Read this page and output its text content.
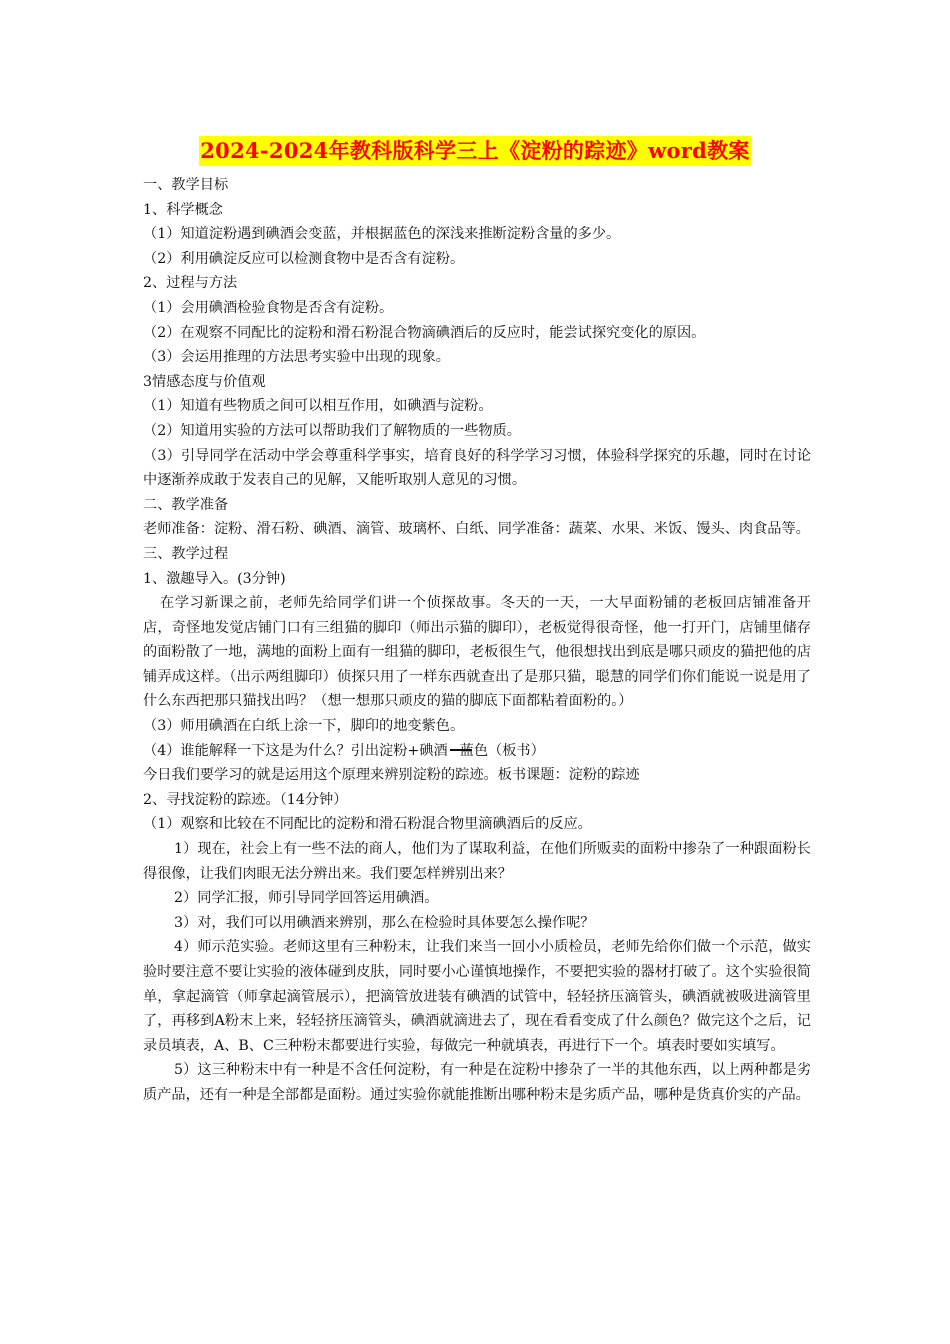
2024-2024年教科版科学三上《淀粉的踪迹》word教案
一、教学目标
1、科学概念
（1）知道淀粉遇到碘酒会变蓝，并根据蓝色的深浅来推断淀粉含量的多少。
（2）利用碘淀反应可以检测食物中是否含有淀粉。
2、过程与方法
（1）会用碘酒检验食物是否含有淀粉。
（2）在观察不同配比的淀粉和滑石粉混合物滴碘酒后的反应时，能尝试探究变化的原因。
（3）会运用推理的方法思考实验中出现的现象。
3情感态度与价值观
（1）知道有些物质之间可以相互作用，如碘酒与淀粉。
（2）知道用实验的方法可以帮助我们了解物质的一些物质。
（3）引导同学在活动中学会尊重科学事实，培育良好的科学学习习惯，体验科学探究的乐趣，同时在讨论中逐渐养成敢于发表自己的见解，又能听取别人意见的习惯。
二、教学准备
老师准备：淀粉、滑石粉、碘酒、滴管、玻璃杯、白纸、同学准备：蔬菜、水果、米饭、馒头、肉食品等。
三、教学过程
1、激趣导入。(3分钟)
在学习新课之前，老师先给同学们讲一个侦探故事。冬天的一天，一大早面粉铺的老板回店铺准备开店，奇怪地发觉店铺门口有三组猫的脚印（师出示猫的脚印），老板觉得很奇怪，他一打开门，店铺里储存的面粉散了一地，满地的面粉上面有一组猫的脚印，老板很生气，他很想找出到底是哪只顽皮的猫把他的店铺弄成这样。（出示两组脚印）侦探只用了一样东西就查出了是那只猫，聪慧的同学们你们能说一说是用了什么东西把那只猫找出吗？（想一想那只顽皮的猫的脚底下面都粘着面粉的。）
（3）师用碘酒在白纸上涂一下，脚印的地变紫色。
（4）谁能解释一下这是为什么？引出淀粉+碘酒 蓝色（板书）
今日我们要学习的就是运用这个原理来辨别淀粉的踪迹。板书课题：淀粉的踪迹
2、寻找淀粉的踪迹。（14分钟）
（1）观察和比较在不同配比的淀粉和滑石粉混合物里滴碘酒后的反应。
1）现在，社会上有一些不法的商人，他们为了谋取利益，在他们所贩卖的面粉中掺杂了一种跟面粉长得很像，让我们肉眼无法分辨出来。我们要怎样辨别出来？
2）同学汇报，师引导同学回答运用碘酒。
3）对，我们可以用碘酒来辨别，那么在检验时具体要怎么操作呢？
4）师示范实验。老师这里有三种粉末，让我们来当一回小小质检员，老师先给你们做一个示范，做实验时要注意不要让实验的液体碰到皮肤，同时要小心谨慎地操作，不要把实验的器材打破了。这个实验很简单，拿起滴管（师拿起滴管展示），把滴管放进装有碘酒的试管中，轻轻挤压滴管头，碘酒就被吸进滴管里了，再移到A粉末上来，轻轻挤压滴管头，碘酒就滴进去了，现在看看变成了什么颜色？做完这个之后，记录员填表，A、B、C三种粉末都要进行实验，每做完一种就填表，再进行下一个。填表时要如实填写。
5）这三种粉末中有一种是不含任何淀粉，有一种是在淀粉中掺杂了一半的其他东西，以上两种都是劣质产品，还有一种是全部都是面粉。通过实验你就能推断出哪种粉末是劣质产品，哪种是货真价实的产品。
